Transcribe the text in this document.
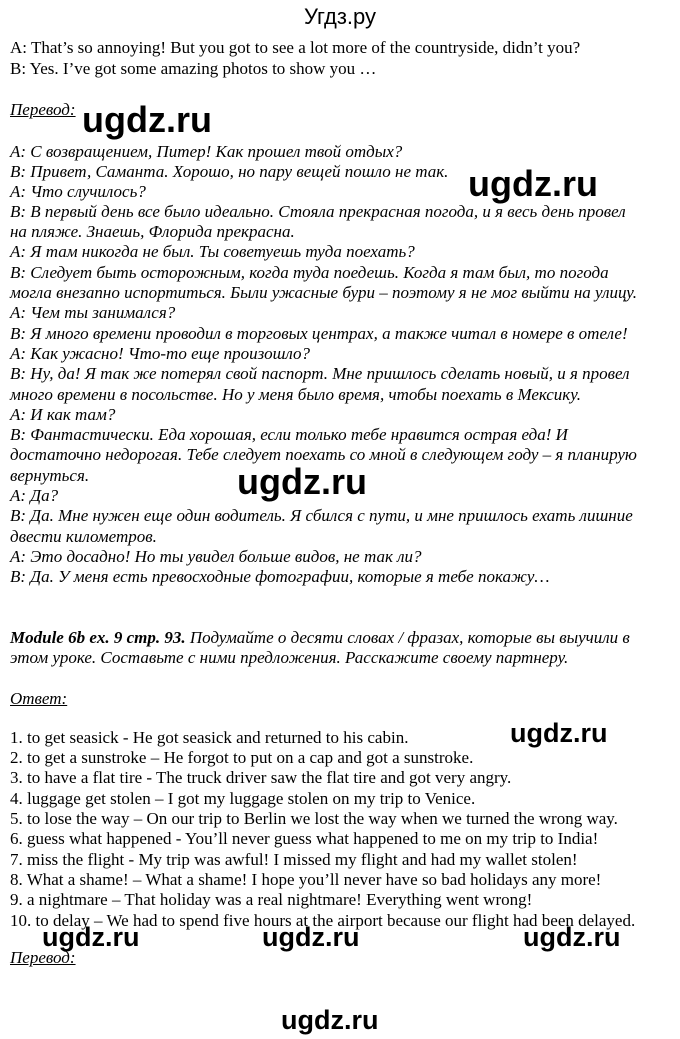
Угдз.ру
A: That’s so annoying! But you got to see a lot more of the countryside, didn’t you?
B: Yes. I’ve got some amazing photos to show you …
Перевод:
A: С возвращением, Питер! Как прошел твой отдых?
B: Привет, Саманта. Хорошо, но пару вещей пошло не так.
A: Что случилось?
B: В первый день все было идеально. Стояла прекрасная погода, и я весь день провел
на пляже. Знаешь, Флорида прекрасна.
A: Я там никогда не был. Ты советуешь туда поехать?
B: Следует быть осторожным, когда туда поедешь. Когда я там был, то погода
могла внезапно испортиться. Были ужасные бури – поэтому я не мог выйти на улицу.
A: Чем ты занимался?
B: Я много времени проводил в торговых центрах, а также читал в номере в отеле!
A: Как ужасно! Что-то еще произошло?
B: Ну, да! Я так же потерял свой паспорт. Мне пришлось сделать новый, и я провел
много времени в посольстве. Но у меня было время, чтобы поехать в Мексику.
A: И как там?
B: Фантастически. Еда хорошая, если только тебе нравится острая еда! И
достаточно недорогая. Тебе следует поехать со мной в следующем году – я планирую
вернуться.
A: Да?
B: Да. Мне нужен еще один водитель. Я сбился с пути, и мне пришлось ехать лишние
двести километров.
A: Это досадно! Но ты увидел больше видов, не так ли?
B: Да. У меня есть превосходные фотографии, которые я тебе покажу…
Module 6b ex. 9 стр. 93. Подумайте о десяти словах / фразах, которые вы выучили в
этом уроке. Составьте с ними предложения. Расскажите своему партнеру.
Ответ:
1. to get seasick - He got seasick and returned to his cabin.
2. to get a sunstroke – He forgot to put on a cap and got a sunstroke.
3. to have a flat tire - The truck driver saw the flat tire and got very angry.
4. luggage get stolen – I got my luggage stolen on my trip to Venice.
5. to lose the way – On our trip to Berlin we lost the way when we turned the wrong way.
6. guess what happened - You’ll never guess what happened to me on my trip to India!
7. miss the flight - My trip was awful! I missed my flight and had my wallet stolen!
8. What a shame! – What a shame! I hope you’ll never have so bad holidays any more!
9. a nightmare – That holiday was a real nightmare! Everything went wrong!
10. to delay – We had to spend five hours at the airport because our flight had been delayed.
Перевод:
ugdz.ru
ugdz.ru
ugdz.ru
ugdz.ru
ugdz.ru	ugdz.ru	ugdz.ru
ugdz.ru
